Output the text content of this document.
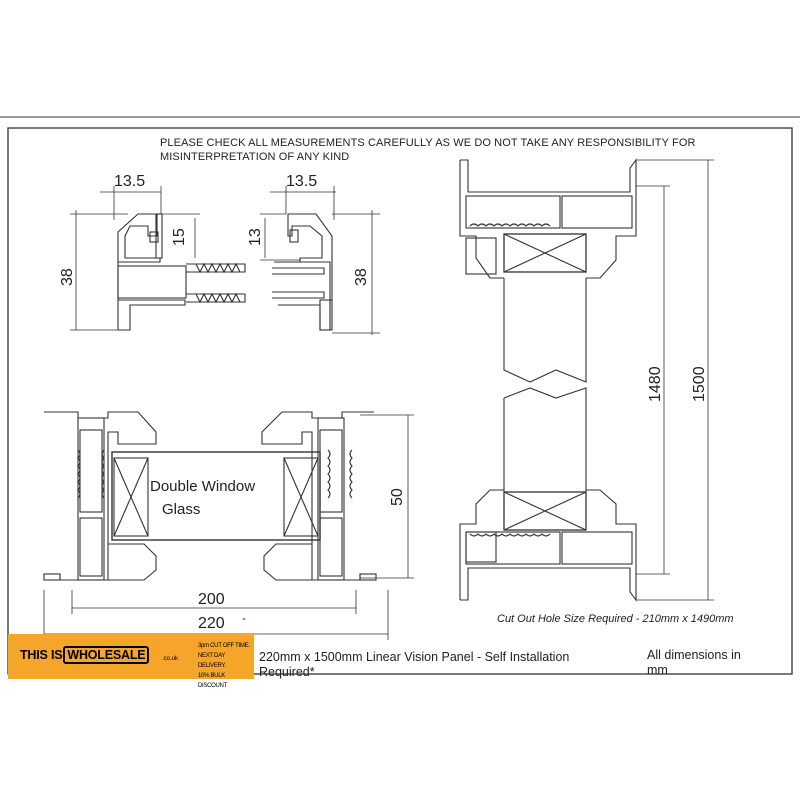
13.5	13.5
38	38
15	13
50
200
220 -
1480 1500
Double Window
Glass
PLEASE CHECK ALL MEASUREMENTS CAREFULLY AS WE DO NOT TAKE ANY RESPONSIBILITY FOR MISINTERPRETATION OF ANY KIND
Cut Out Hole Size Required - 210mm x 1490mm
THIS IS WHOLESALE	.co.uk
3pm CUT OFF TIME.
NEXT DAY DELIVERY.
10% BULK DISCOUNT
220mm x 1500mm Linear Vision Panel - Self Installation Required*
All dimensions in mm
